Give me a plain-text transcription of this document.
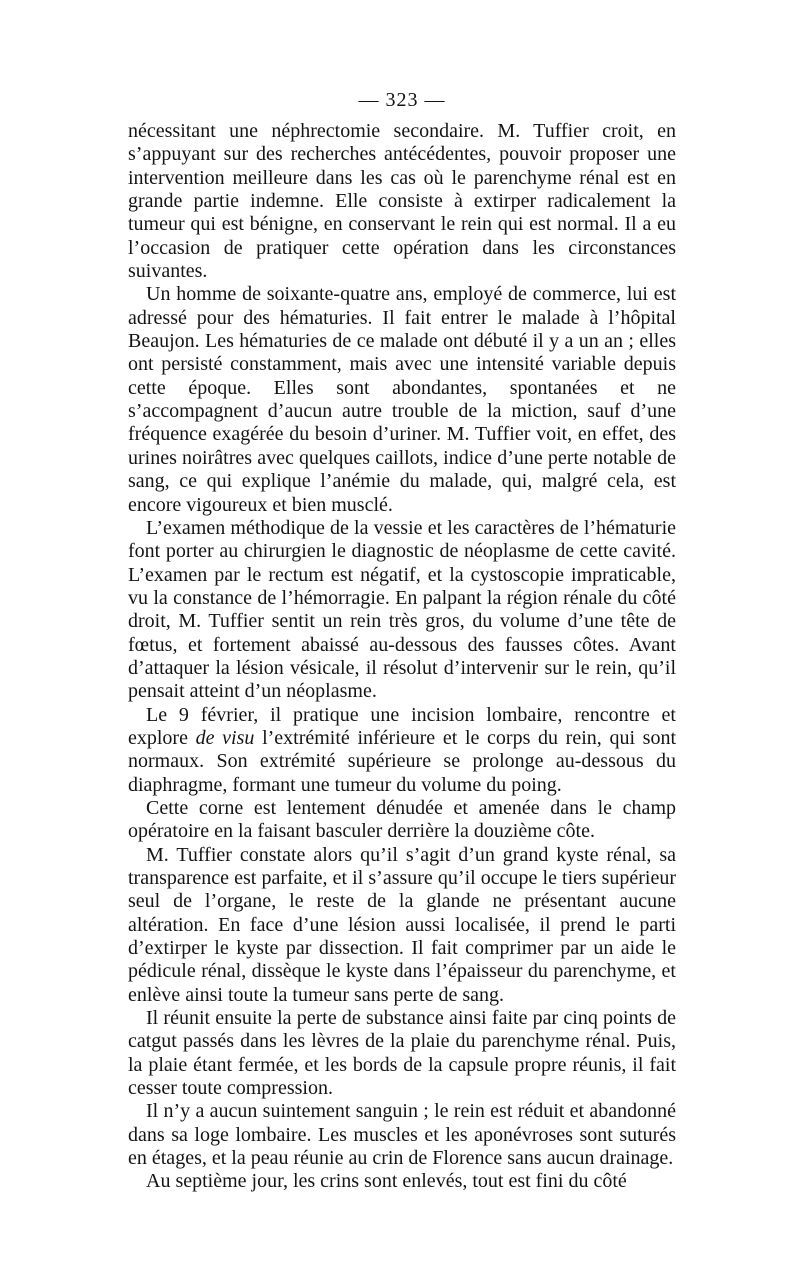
— 323 —

nécessitant une néphrectomie secondaire. M. Tuffier croit, en s’appuyant sur des recherches antécédentes, pouvoir proposer une intervention meilleure dans les cas où le parenchyme rénal est en grande partie indemne. Elle consiste à extirper radicalement la tumeur qui est bénigne, en conservant le rein qui est normal. Il a eu l’occasion de pratiquer cette opération dans les circonstances suivantes.

Un homme de soixante-quatre ans, employé de commerce, lui est adressé pour des hématuries. Il fait entrer le malade à l’hôpital Beaujon. Les hématuries de ce malade ont débuté il y a un an ; elles ont persisté constamment, mais avec une intensité variable depuis cette époque. Elles sont abondantes, spontanées et ne s’accompagnent d’aucun autre trouble de la miction, sauf d’une fréquence exagérée du besoin d’uriner. M. Tuffier voit, en effet, des urines noirâtres avec quelques caillots, indice d’une perte notable de sang, ce qui explique l’anémie du malade, qui, malgré cela, est encore vigoureux et bien musclé.

L’examen méthodique de la vessie et les caractères de l’hématurie font porter au chirurgien le diagnostic de néoplasme de cette cavité. L’examen par le rectum est négatif, et la cystoscopie impraticable, vu la constance de l’hémorragie. En palpant la région rénale du côté droit, M. Tuffier sentit un rein très gros, du volume d’une tête de fœtus, et fortement abaissé au-dessous des fausses côtes. Avant d’attaquer la lésion vésicale, il résolut d’intervenir sur le rein, qu’il pensait atteint d’un néoplasme.

Le 9 février, il pratique une incision lombaire, rencontre et explore de visu l’extrémité inférieure et le corps du rein, qui sont normaux. Son extrémité supérieure se prolonge au-dessous du diaphragme, formant une tumeur du volume du poing.

Cette corne est lentement dénudée et amenée dans le champ opératoire en la faisant basculer derrière la douzième côte.

M. Tuffier constate alors qu’il s’agit d’un grand kyste rénal, sa transparence est parfaite, et il s’assure qu’il occupe le tiers supérieur seul de l’organe, le reste de la glande ne présentant aucune altération. En face d’une lésion aussi localisée, il prend le parti d’extirper le kyste par dissection. Il fait comprimer par un aide le pédicule rénal, dissèque le kyste dans l’épaisseur du parenchyme, et enlève ainsi toute la tumeur sans perte de sang.

Il réunit ensuite la perte de substance ainsi faite par cinq points de catgut passés dans les lèvres de la plaie du parenchyme rénal. Puis, la plaie étant fermée, et les bords de la capsule propre réunis, il fait cesser toute compression.

Il n’y a aucun suintement sanguin ; le rein est réduit et abandonné dans sa loge lombaire. Les muscles et les aponévroses sont suturés en étages, et la peau réunie au crin de Florence sans aucun drainage.

Au septième jour, les crins sont enlevés, tout est fini du côté
